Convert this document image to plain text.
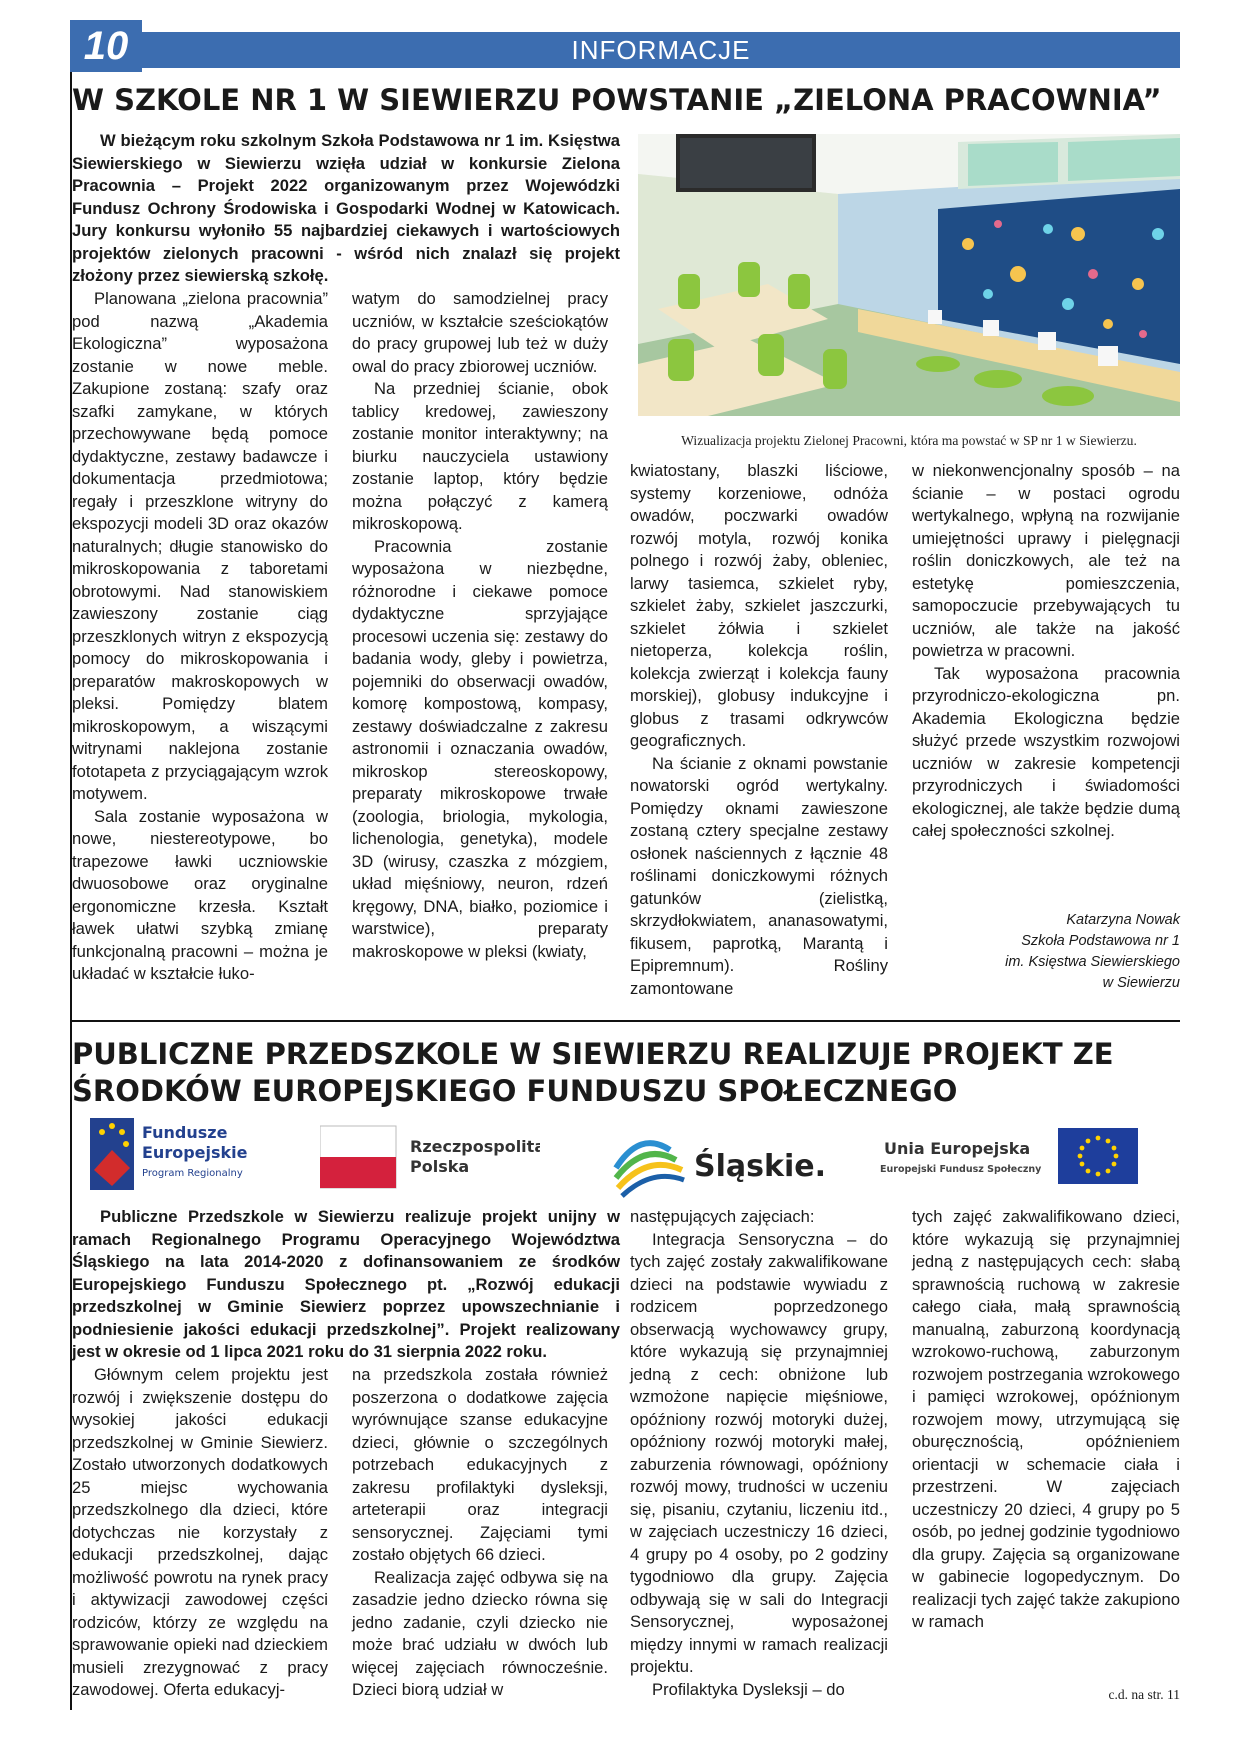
10	INFORMACJE
W SZKOLE NR 1 W SIEWIERZU POWSTANIE „ZIELONA PRACOWNIA”

W bieżącym roku szkolnym Szkoła Podstawowa nr 1 im. Księstwa Siewierskiego w Siewierzu wzięła udział w konkursie Zielona Pracownia – Projekt 2022 organizowanym przez Wojewódzki Fundusz Ochrony Środowiska i Gospodarki Wodnej w Katowicach. Jury konkursu wyłoniło 55 najbardziej ciekawych i wartościowych projektów zielonych pracowni - wśród nich znalazł się projekt złożony przez siewierską szkołę.

Planowana „zielona pracownia” pod nazwą „Akademia Ekologiczna” wyposażona zostanie w nowe meble. Zakupione zostaną: szafy oraz szafki zamykane, w których przechowywane będą pomoce dydaktyczne, zestawy badawcze i dokumentacja przedmiotowa; regały i przeszklone witryny do ekspozycji modeli 3D oraz okazów naturalnych; długie stanowisko do mikroskopowania z taboretami obrotowymi. Nad stanowiskiem zawieszony zostanie ciąg przeszklonych witryn z ekspozycją pomocy do mikroskopowania i preparatów makroskopowych w pleksi. Pomiędzy blatem mikroskopowym, a wiszącymi witrynami naklejona zostanie fototapeta z przyciągającym wzrok motywem.

Sala zostanie wyposażona w nowe, niestereotypowe, bo trapezowe ławki uczniowskie dwuosobowe oraz oryginalne ergonomiczne krzesła. Kształt ławek ułatwi szybką zmianę funkcjonalną pracowni – można je układać w kształcie łuko-

watym do samodzielnej pracy uczniów, w kształcie sześciokątów do pracy grupowej lub też w duży owal do pracy zbiorowej uczniów.

Na przedniej ścianie, obok tablicy kredowej, zawieszony zostanie monitor interaktywny; na biurku nauczyciela ustawiony zostanie laptop, który będzie można połączyć z kamerą mikroskopową.

Pracownia zostanie wyposażona w niezbędne, różnorodne i ciekawe pomoce dydaktyczne sprzyjające procesowi uczenia się: zestawy do badania wody, gleby i powietrza, pojemniki do obserwacji owadów, komorę kompostową, kompasy, zestawy doświadczalne z zakresu astronomii i oznaczania owadów, mikroskop stereoskopowy, preparaty mikroskopowe trwałe (zoologia, briologia, mykologia, lichenologia, genetyka), modele 3D (wirusy, czaszka z mózgiem, układ mięśniowy, neuron, rdzeń kręgowy, DNA, białko, poziomice i warstwice), preparaty makroskopowe w pleksi (kwiaty,

Wizualizacja projektu Zielonej Pracowni, która ma powstać w SP nr 1 w Siewierzu.

kwiatostany, blaszki liściowe, systemy korzeniowe, odnóża owadów, poczwarki owadów rozwój motyla, rozwój konika polnego i rozwój żaby, obleniec, larwy tasiemca, szkielet ryby, szkielet żaby, szkielet jaszczurki, szkielet żółwia i szkielet nietoperza, kolekcja roślin, kolekcja zwierząt i kolekcja fauny morskiej), globusy indukcyjne i globus z trasami odkrywców geograficznych.

Na ścianie z oknami powstanie nowatorski ogród wertykalny. Pomiędzy oknami zawieszone zostaną cztery specjalne zestawy osłonek naściennych z łącznie 48 roślinami doniczkowymi różnych gatunków (zielistką, skrzydłokwiatem, ananasowatymi, fikusem, paprotką, Marantą i Epipremnum). Rośliny zamontowane

w niekonwencjonalny sposób – na ścianie – w postaci ogrodu wertykalnego, wpłyną na rozwijanie umiejętności uprawy i pielęgnacji roślin doniczkowych, ale też na estetykę pomieszczenia, samopoczucie przebywających tu uczniów, ale także na jakość powietrza w pracowni.

Tak wyposażona pracownia przyrodniczo-ekologiczna pn. Akademia Ekologiczna będzie służyć przede wszystkim rozwojowi uczniów w zakresie kompetencji przyrodniczych i świadomości ekologicznej, ale także będzie dumą całej społeczności szkolnej.

Katarzyna Nowak
Szkoła Podstawowa nr 1
im. Księstwa Siewierskiego
w Siewierzu
PUBLICZNE PRZEDSZKOLE W SIEWIERZU REALIZUJE PROJEKT ZE ŚRODKÓW EUROPEJSKIEGO FUNDUSZU SPOŁECZNEGO
Fundusze
Europejskie
Program Regionalny
Rzeczpospolita
Polska	Śląskie.
Unia Europejska
Europejski Fundusz Społeczny

Publiczne Przedszkole w Siewierzu realizuje projekt unijny w ramach Regionalnego Programu Operacyjnego Województwa Śląskiego na lata 2014-2020 z dofinansowaniem ze środków Europejskiego Funduszu Społecznego pt. „Rozwój edukacji przedszkolnej w Gminie Siewierz poprzez upowszechnianie i podniesienie jakości edukacji przedszkolnej”. Projekt realizowany jest w okresie od 1 lipca 2021 roku do 31 sierpnia 2022 roku.

Głównym celem projektu jest rozwój i zwiększenie dostępu do wysokiej jakości edukacji przedszkolnej w Gminie Siewierz. Zostało utworzonych dodatkowych 25 miejsc wychowania przedszkolnego dla dzieci, które dotychczas nie korzystały z edukacji przedszkolnej, dając możliwość powrotu na rynek pracy i aktywizacji zawodowej części rodziców, którzy ze względu na sprawowanie opieki nad dzieckiem musieli zrezygnować z pracy zawodowej. Oferta edukacyj-

na przedszkola została również poszerzona o dodatkowe zajęcia wyrównujące szanse edukacyjne dzieci, głównie o szczególnych potrzebach edukacyjnych z zakresu profilaktyki dysleksji, arteterapii oraz integracji sensorycznej. Zajęciami tymi zostało objętych 66 dzieci.

Realizacja zajęć odbywa się na zasadzie jedno dziecko równa się jedno zadanie, czyli dziecko nie może brać udziału w dwóch lub więcej zajęciach równocześnie. Dzieci biorą udział w

następujących zajęciach:

Integracja Sensoryczna – do tych zajęć zostały zakwalifikowane dzieci na podstawie wywiadu z rodzicem poprzedzonego obserwacją wychowawcy grupy, które wykazują się przynajmniej jedną z cech: obniżone lub wzmożone napięcie mięśniowe, opóźniony rozwój motoryki dużej, opóźniony rozwój motoryki małej, zaburzenia równowagi, opóźniony rozwój mowy, trudności w uczeniu się, pisaniu, czytaniu, liczeniu itd., w zajęciach uczestniczy 16 dzieci, 4 grupy po 4 osoby, po 2 godziny tygodniowo dla grupy. Zajęcia odbywają się w sali do Integracji Sensorycznej, wyposażonej między innymi w ramach realizacji projektu.

Profilaktyka Dysleksji – do

tych zajęć zakwalifikowano dzieci, które wykazują się przynajmniej jedną z następujących cech: słabą sprawnością ruchową w zakresie całego ciała, małą sprawnością manualną, zaburzoną koordynacją wzrokowo-ruchową, zaburzonym rozwojem postrzegania wzrokowego i pamięci wzrokowej, opóźnionym rozwojem mowy, utrzymującą się oburęcznością, opóźnieniem orientacji w schemacie ciała i przestrzeni. W zajęciach uczestniczy 20 dzieci, 4 grupy po 5 osób, po jednej godzinie tygodniowo dla grupy. Zajęcia są organizowane w gabinecie logopedycznym. Do realizacji tych zajęć także zakupiono w ramach

c.d. na str. 11
